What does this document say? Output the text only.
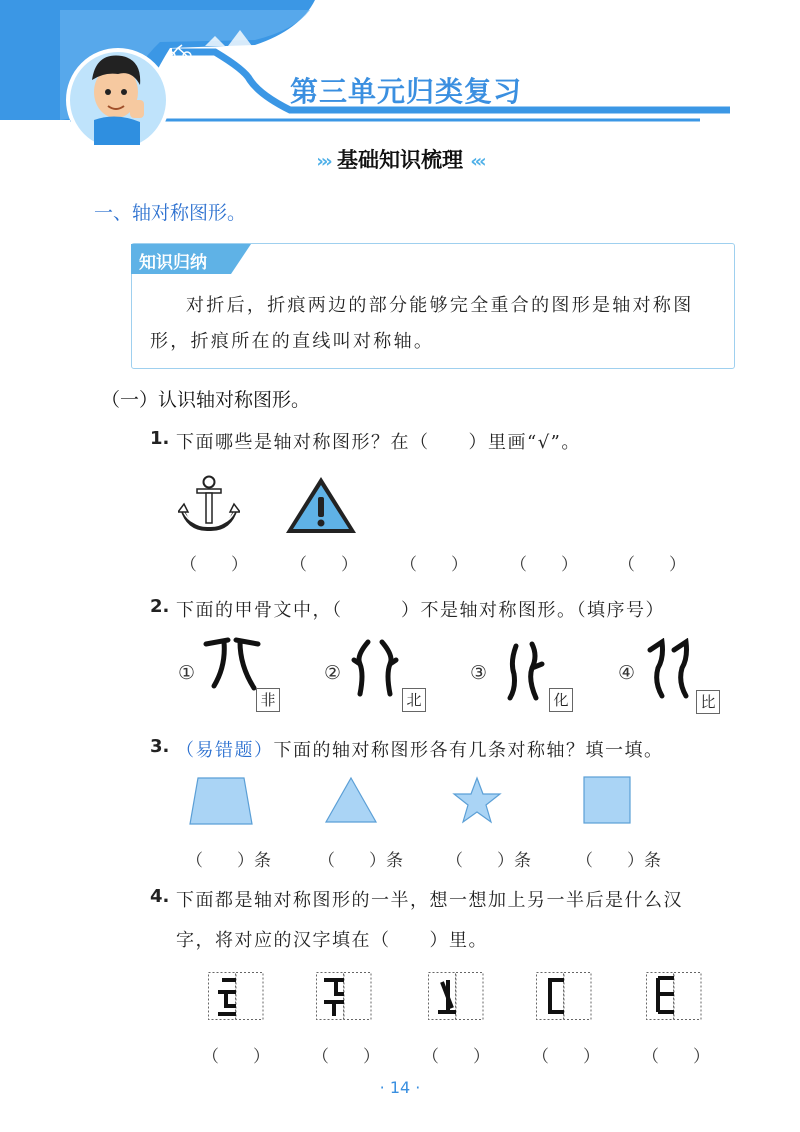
第三单元归类复习
››› 基础知识梳理 ‹‹‹
一、轴对称图形。
知识归纳
对折后，折痕两边的部分能够完全重合的图形是轴对称图形，折痕所在的直线叫对称轴。
（一）认识轴对称图形。
1. 下面哪些是轴对称图形？在（　　）里画“√”。
（　　） （　　） （　　） （　　） （　　）
2. 下面的甲骨文中，（　　　）不是轴对称图形。（填序号）
①
非
②
北
③
化
④
比
3. （易错题）下面的轴对称图形各有几条对称轴？填一填。
（　　）条	（　　）条	（　　）条	（　　）条
4. 下面都是轴对称图形的一半，想一想加上另一半后是什么汉
字，将对应的汉字填在（　　）里。
（　　） （　　） （　　） （　　） （　　）
· 14 ·
